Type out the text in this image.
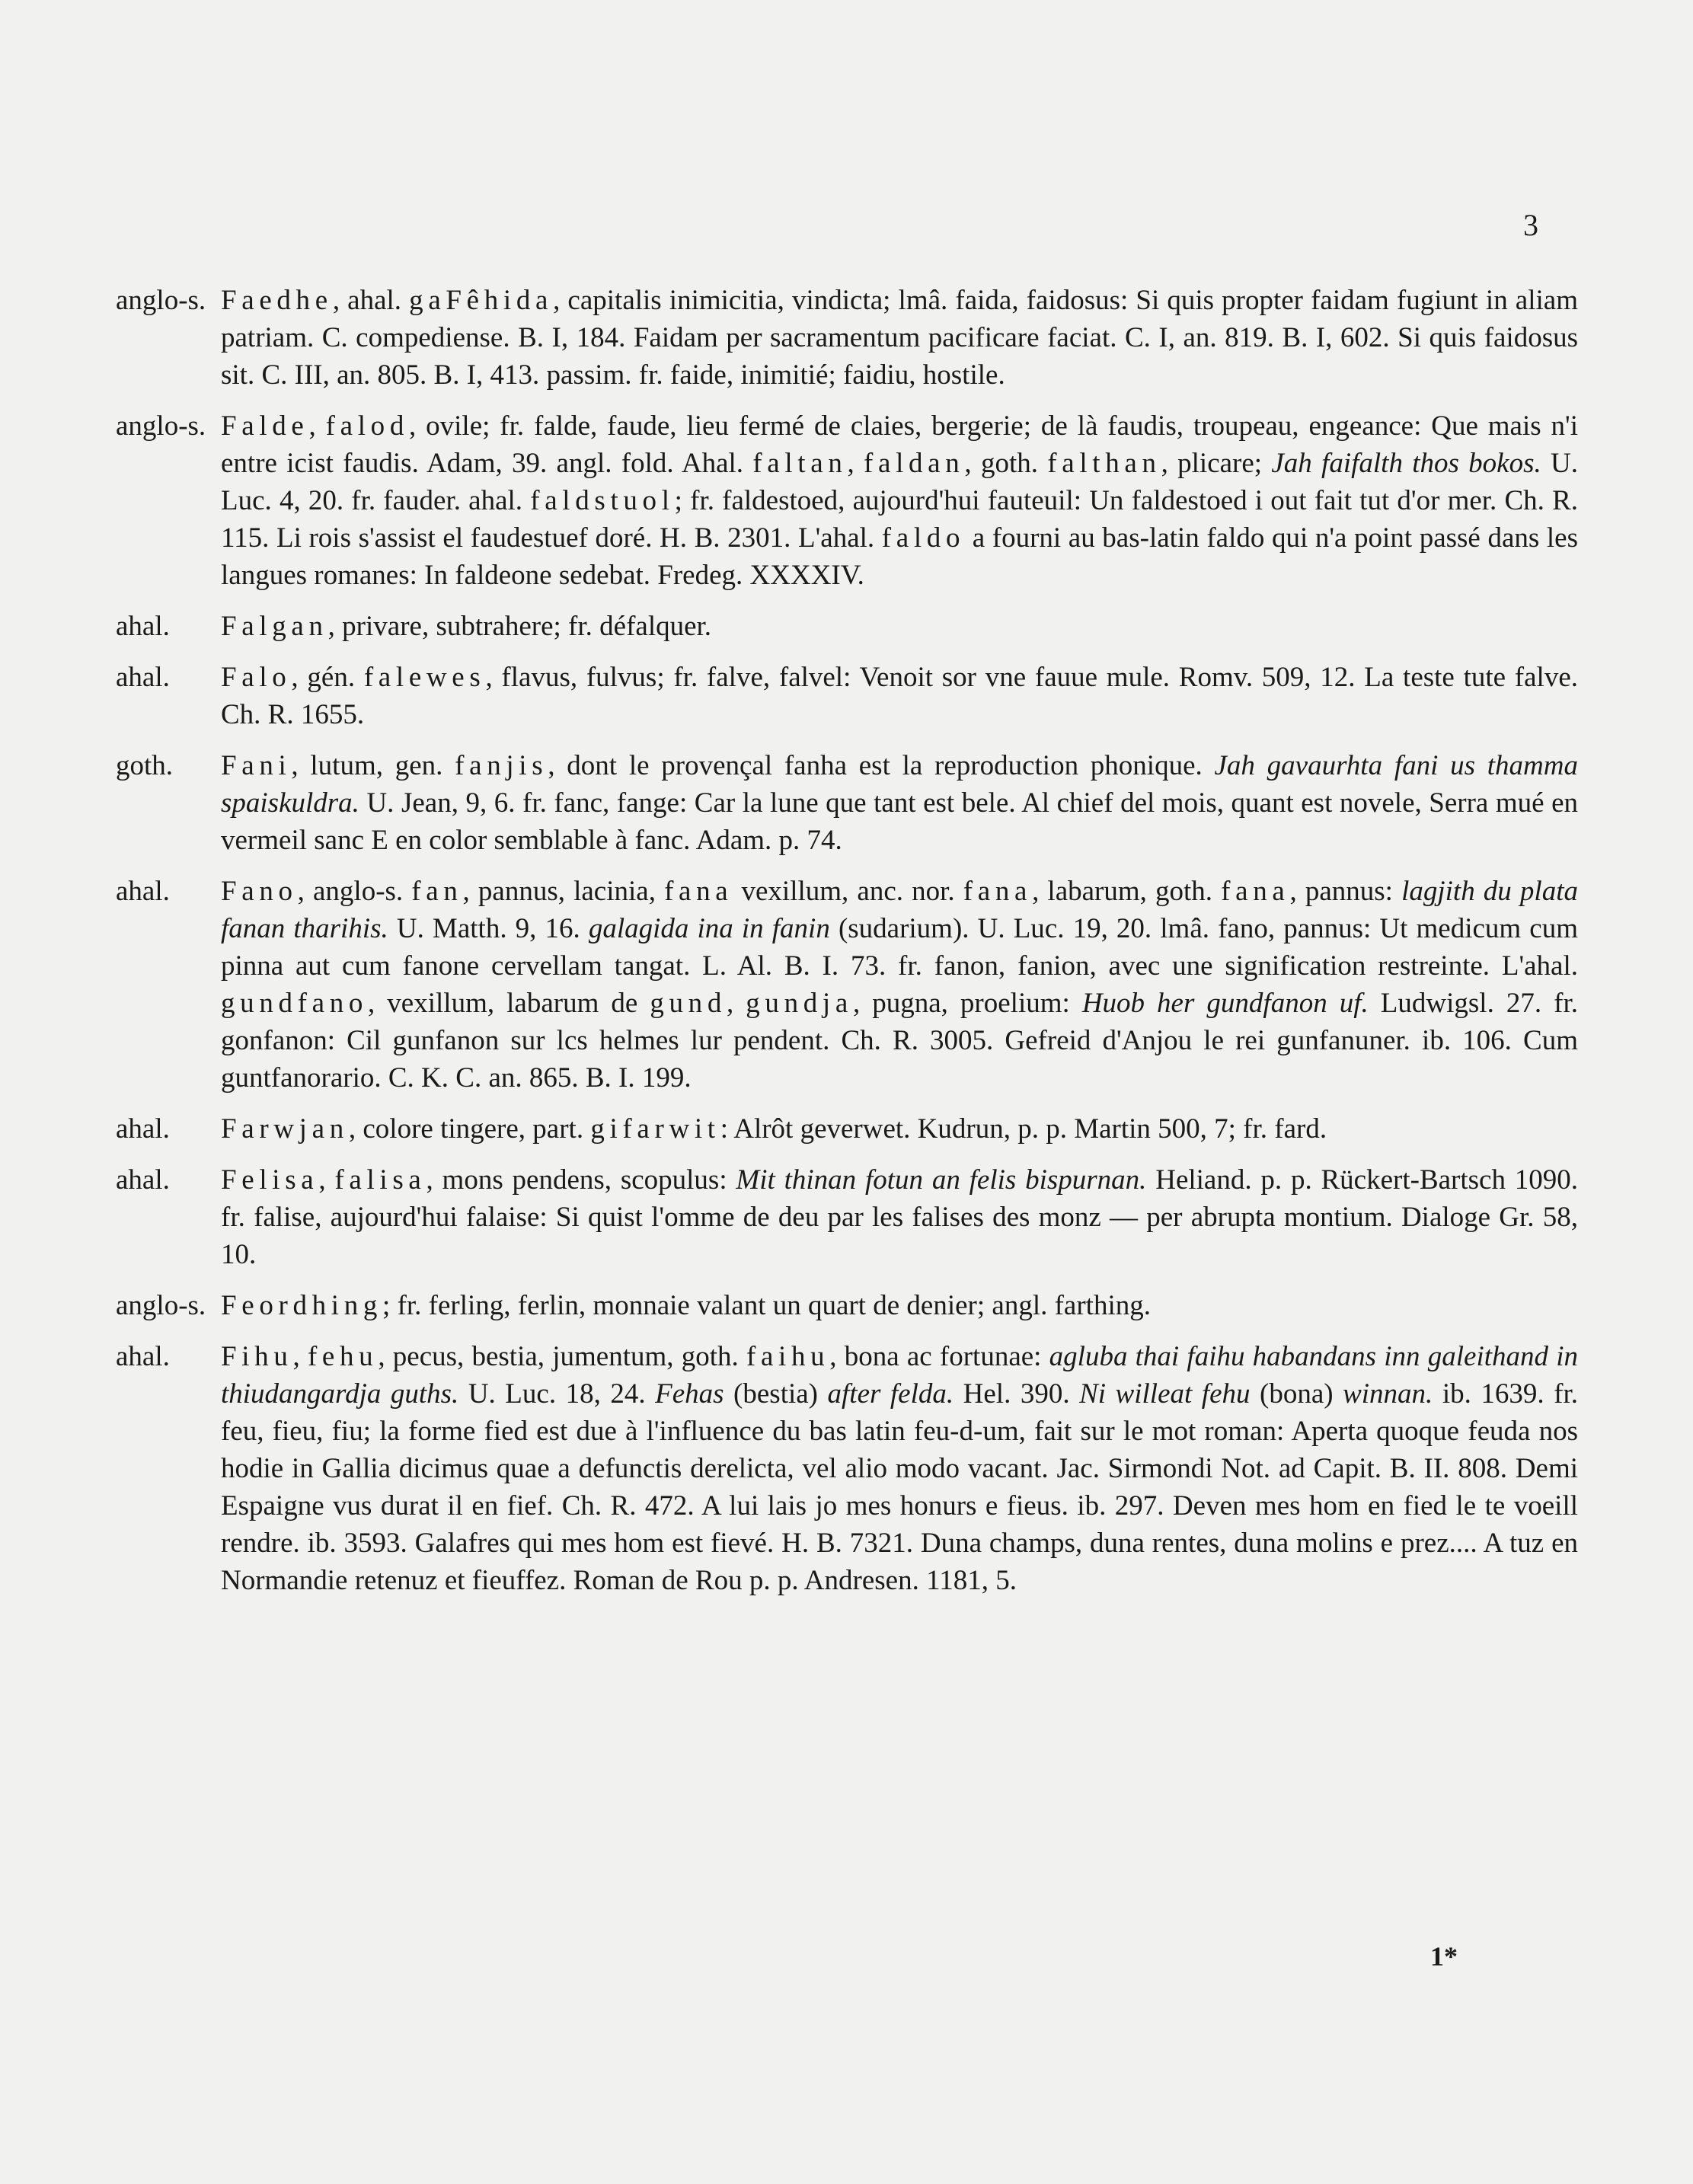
3
anglo-s. Faedhe, ahal. gaFêhida, capitalis inimicitia, vindicta; lmâ. faida, faidosus: Si quis propter faidam fugiunt in aliam patriam. C. compediense. B. I, 184. Faidam per sacramentum pacificare faciat. C. I, an. 819. B. I, 602. Si quis faidosus sit. C. III, an. 805. B. I, 413. passim. fr. faide, inimitié; faidiu, hostile.
anglo-s. Falde, falod, ovile; fr. falde, faude, lieu fermé de claies, bergerie; de là faudis, troupeau, engeance: Que mais n'i entre icist faudis. Adam, 39. angl. fold. Ahal. faltan, faldan, goth. falthan, plicare; Jah faifalth thos bokos. U. Luc. 4, 20. fr. fauder. ahal. faldstuol; fr. faldestoed, aujourd'hui fauteuil: Un faldestoed i out fait tut d'or mer. Ch. R. 115. Li rois s'assist el faudestuef doré. H. B. 2301. L'ahal. faldo a fourni au bas-latin faldo qui n'a point passé dans les langues romanes: In faldeone sedebat. Fredeg. XXXXIV.
ahal.	Falgan, privare, subtrahere; fr. défalquer.
ahal.	Falo, gén. falewes, flavus, fulvus; fr. falve, falvel: Venoit sor vne fauue mule. Romv. 509, 12. La teste tute falve. Ch. R. 1655.
goth.	Fani, lutum, gen. fanjis, dont le provençal fanha est la reproduction phonique. Jah gavaurhta fani us thamma spaiskuldra. U. Jean, 9, 6. fr. fanc, fange: Car la lune que tant est bele. Al chief del mois, quant est novele, Serra mué en vermeil sanc E en color semblable à fanc. Adam. p. 74.
ahal.	Fano, anglo-s. fan, pannus, lacinia, fana vexillum, anc. nor. fana, labarum, goth. fana, pannus: lagjith du plata fanan tharihis. U. Matth. 9, 16. galagida ina in fanin (sudarium). U. Luc. 19, 20. lmâ. fano, pannus: Ut medicum cum pinna aut cum fanone cervellam tangat. L. Al. B. I. 73. fr. fanon, fanion, avec une signification restreinte. L'ahal. gundfano, vexillum, labarum de gund, gundja, pugna, proelium: Huob her gundfanon uf. Ludwigsl. 27. fr. gonfanon: Cil gunfanon sur lcs helmes lur pendent. Ch. R. 3005. Gefreid d'Anjou le rei gunfanuner. ib. 106. Cum guntfanorario. C. K. C. an. 865. B. I. 199.
ahal.	Farwjan, colore tingere, part. gifarwit: Alrôt geverwet. Kudrun, p. p. Martin 500, 7; fr. fard.
ahal.	Felisa, falisa, mons pendens, scopulus: Mit thinan fotun an felis bispurnan. Heliand. p. p. Rückert-Bartsch 1090. fr. falise, aujourd'hui falaise: Si quist l'omme de deu par les falises des monz — per abrupta montium. Dialoge Gr. 58, 10.
anglo-s. Feordhing; fr. ferling, ferlin, monnaie valant un quart de denier; angl. farthing.
ahal.	Fihu, fehu, pecus, bestia, jumentum, goth. faihu, bona ac fortunae: agluba thai faihu habandans inn galeithand in thiudangardja guths. U. Luc. 18, 24. Fehas (bestia) after felda. Hel. 390. Ni willeat fehu (bona) winnan. ib. 1639. fr. feu, fieu, fiu; la forme fied est due à l'influence du bas latin feu-d-um, fait sur le mot roman: Aperta quoque feuda nos hodie in Gallia dicimus quae a defunctis derelicta, vel alio modo vacant. Jac. Sirmondi Not. ad Capit. B. II. 808. Demi Espaigne vus durat il en fief. Ch. R. 472. A lui lais jo mes honurs e fieus. ib. 297. Deven mes hom en fied le te voeill rendre. ib. 3593. Galafres qui mes hom est fievé. H. B. 7321. Duna champs, duna rentes, duna molins e prez.... A tuz en Normandie retenuz et fieuffez. Roman de Rou p. p. Andresen. 1181, 5.
1*
